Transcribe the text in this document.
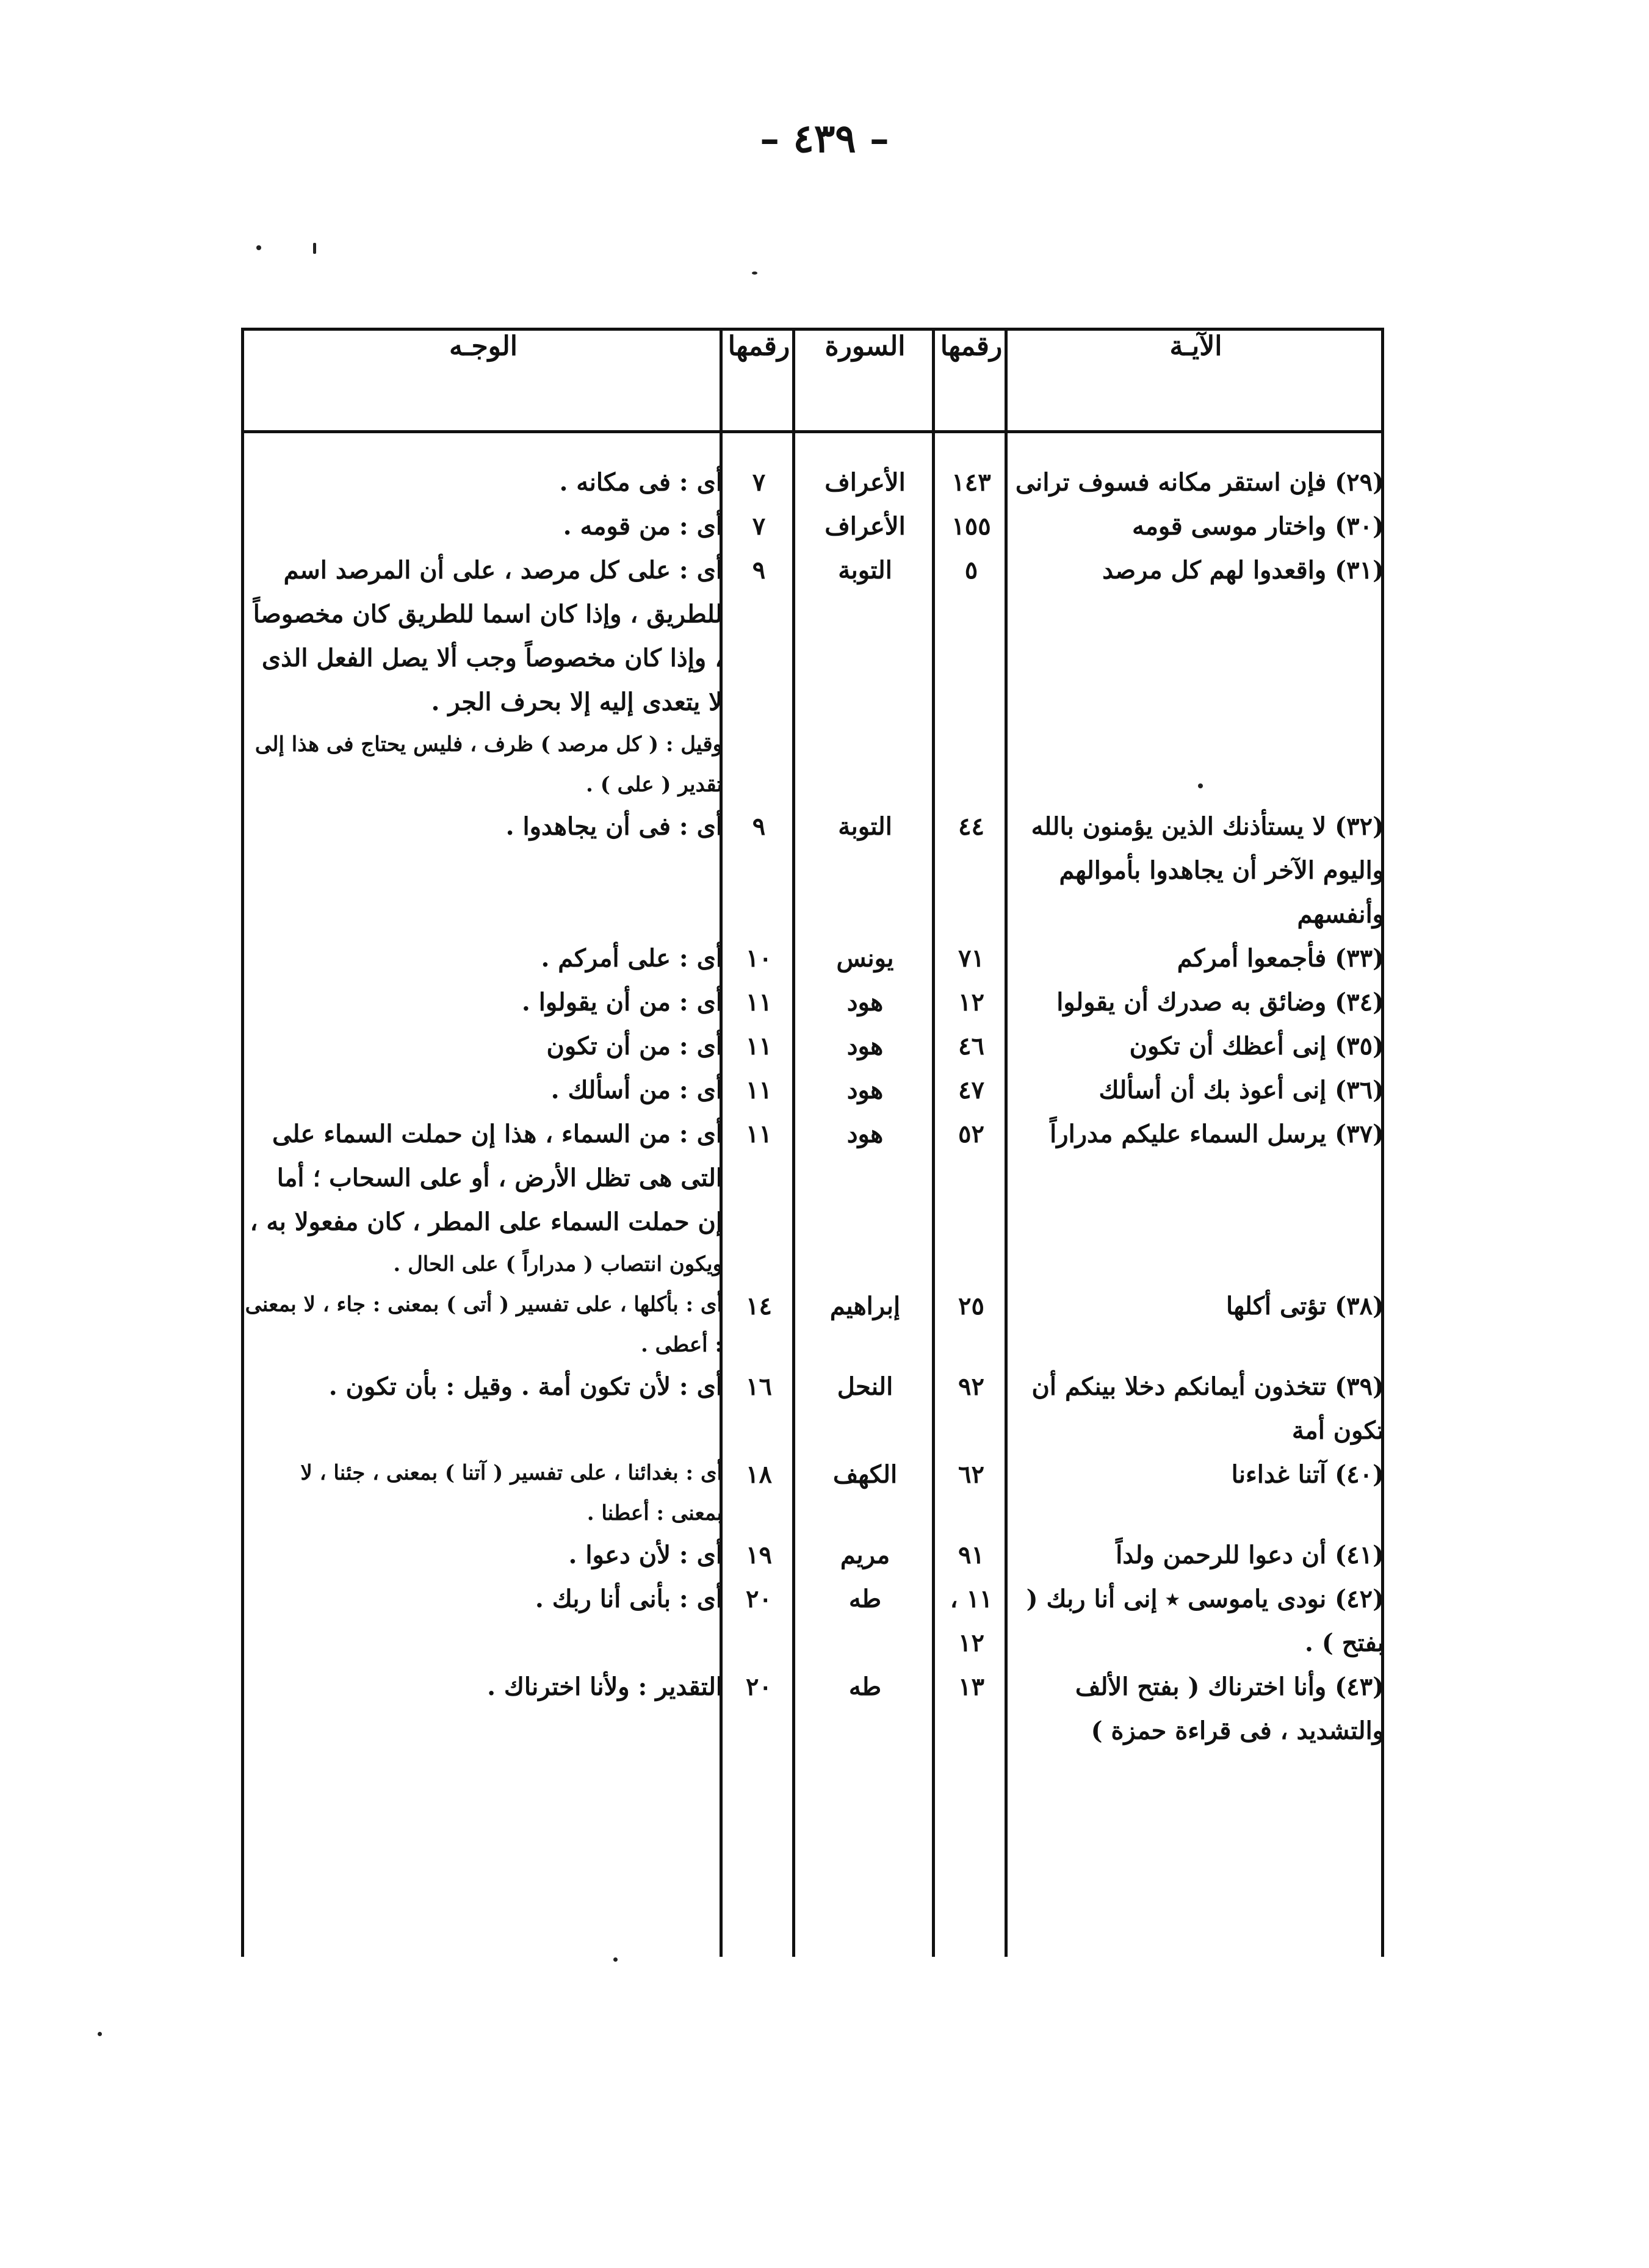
– ٤٣٩ –
الآيـة	رقمها	السورة	رقمها	الوجـه

(٢٩) فإن استقر مكانه فسوف ترانى	١٤٣	الأعراف	٧	أى : فى مكانه .
(٣٠) واختار موسى قومه	١٥٥	الأعراف	٧	أى : من قومه .
(٣١) واقعدوا لهم كل مرصد	٥	التوبة	٩	أى : على كل مرصد ، على أن المرصد اسم للطريق ، وإذا كان اسما للطريق كان مخصوصاً ، وإذا كان مخصوصاً وجب ألا يصل الفعل الذى لا يتعدى إليه إلا بحرف الجر .
				وقيل : ( كل مرصد ) ظرف ، فليس يحتاج فى هذا إلى تقدير ( على ) .
(٣٢) لا يستأذنك الذين يؤمنون بالله واليوم الآخر أن يجاهدوا بأموالهم وأنفسهم	٤٤	التوبة	٩	أى : فى أن يجاهدوا .
(٣٣) فأجمعوا أمركم	٧١	يونس	١٠	أى : على أمركم .
(٣٤) وضائق به صدرك أن يقولوا	١٢	هود	١١	أى : من أن يقولوا .
(٣٥) إنى أعظك أن تكون	٤٦	هود	١١	أى : من أن تكون
(٣٦) إنى أعوذ بك أن أسألك	٤٧	هود	١١	أى : من أسألك .
(٣٧) يرسل السماء عليكم مدراراً	٥٢	هود	١١	أى : من السماء ، هذا إن حملت السماء على التى هى تظل الأرض ، أو على السحاب ؛ أما إن حملت السماء على المطر ، كان مفعولا به ،
				ويكون انتصاب ( مدراراً ) على الحال .
(٣٨) تؤتى أكلها	٢٥	إبراهيم	١٤	أى : بأكلها ، على تفسير ( أتى ) بمعنى : جاء ، لا بمعنى : أعطى .
(٣٩) تتخذون أيمانكم دخلا بينكم أن تكون أمة	٩٢	النحل	١٦	أى : لأن تكون أمة . وقيل : بأن تكون .
(٤٠) آتنا غداءنا	٦٢	الكهف	١٨	أى : بغدائنا ، على تفسير ( آتنا ) بمعنى ، جئنا ، لا بمعنى : أعطنا .
(٤١) أن دعوا للرحمن ولداً	٩١	مريم	١٩	أى : لأن دعوا .
(٤٢) نودى ياموسى ٭ إنى أنا ربك ( بفتح ) .	١١ ، ١٢	طه	٢٠	أى : بأنى أنا ربك .
(٤٣) وأنا اخترناك ( بفتح الألف والتشديد ، فى قراءة حمزة )	١٣	طه	٢٠	التقدير : ولأنا اخترناك .
